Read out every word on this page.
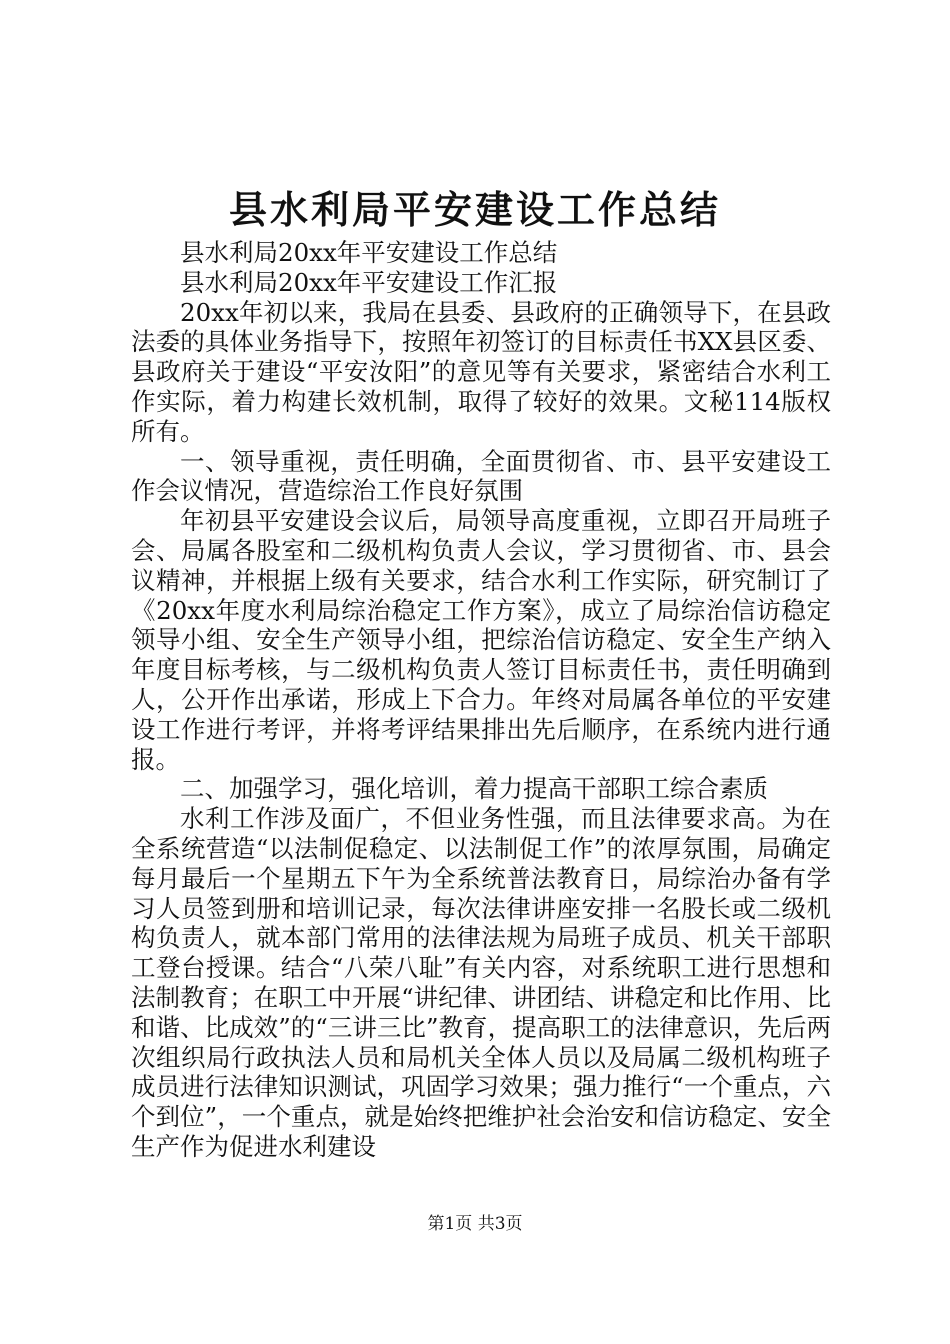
县水利局平安建设工作总结

县水利局20xx年平安建设工作总结

县水利局20xx年平安建设工作汇报

20xx年初以来，我局在县委、县政府的正确领导下，在县政法委的具体业务指导下，按照年初签订的目标责任书XX县区委、县政府关于建设“平安汝阳”的意见等有关要求，紧密结合水利工作实际，着力构建长效机制，取得了较好的效果。文秘114版权所有。

一、领导重视，责任明确，全面贯彻省、市、县平安建设工作会议情况，营造综治工作良好氛围

年初县平安建设会议后，局领导高度重视，立即召开局班子会、局属各股室和二级机构负责人会议，学习贯彻省、市、县会议精神，并根据上级有关要求，结合水利工作实际，研究制订了《20xx年度水利局综治稳定工作方案》，成立了局综治信访稳定领导小组、安全生产领导小组，把综治信访稳定、安全生产纳入年度目标考核，与二级机构负责人签订目标责任书，责任明确到人，公开作出承诺，形成上下合力。年终对局属各单位的平安建设工作进行考评，并将考评结果排出先后顺序，在系统内进行通报。

二、加强学习，强化培训，着力提高干部职工综合素质

水利工作涉及面广，不但业务性强，而且法律要求高。为在全系统营造“以法制促稳定、以法制促工作”的浓厚氛围，局确定每月最后一个星期五下午为全系统普法教育日，局综治办备有学习人员签到册和培训记录，每次法律讲座安排一名股长或二级机构负责人，就本部门常用的法律法规为局班子成员、机关干部职工登台授课。结合“八荣八耻”有关内容，对系统职工进行思想和法制教育；在职工中开展“讲纪律、讲团结、讲稳定和比作用、比和谐、比成效”的“三讲三比”教育，提高职工的法律意识，先后两次组织局行政执法人员和局机关全体人员以及局属二级机构班子成员进行法律知识测试，巩固学习效果；强力推行“一个重点，六个到位”，一个重点，就是始终把维护社会治安和信访稳定、安全生产作为促进水利建设

第1页 共3页
